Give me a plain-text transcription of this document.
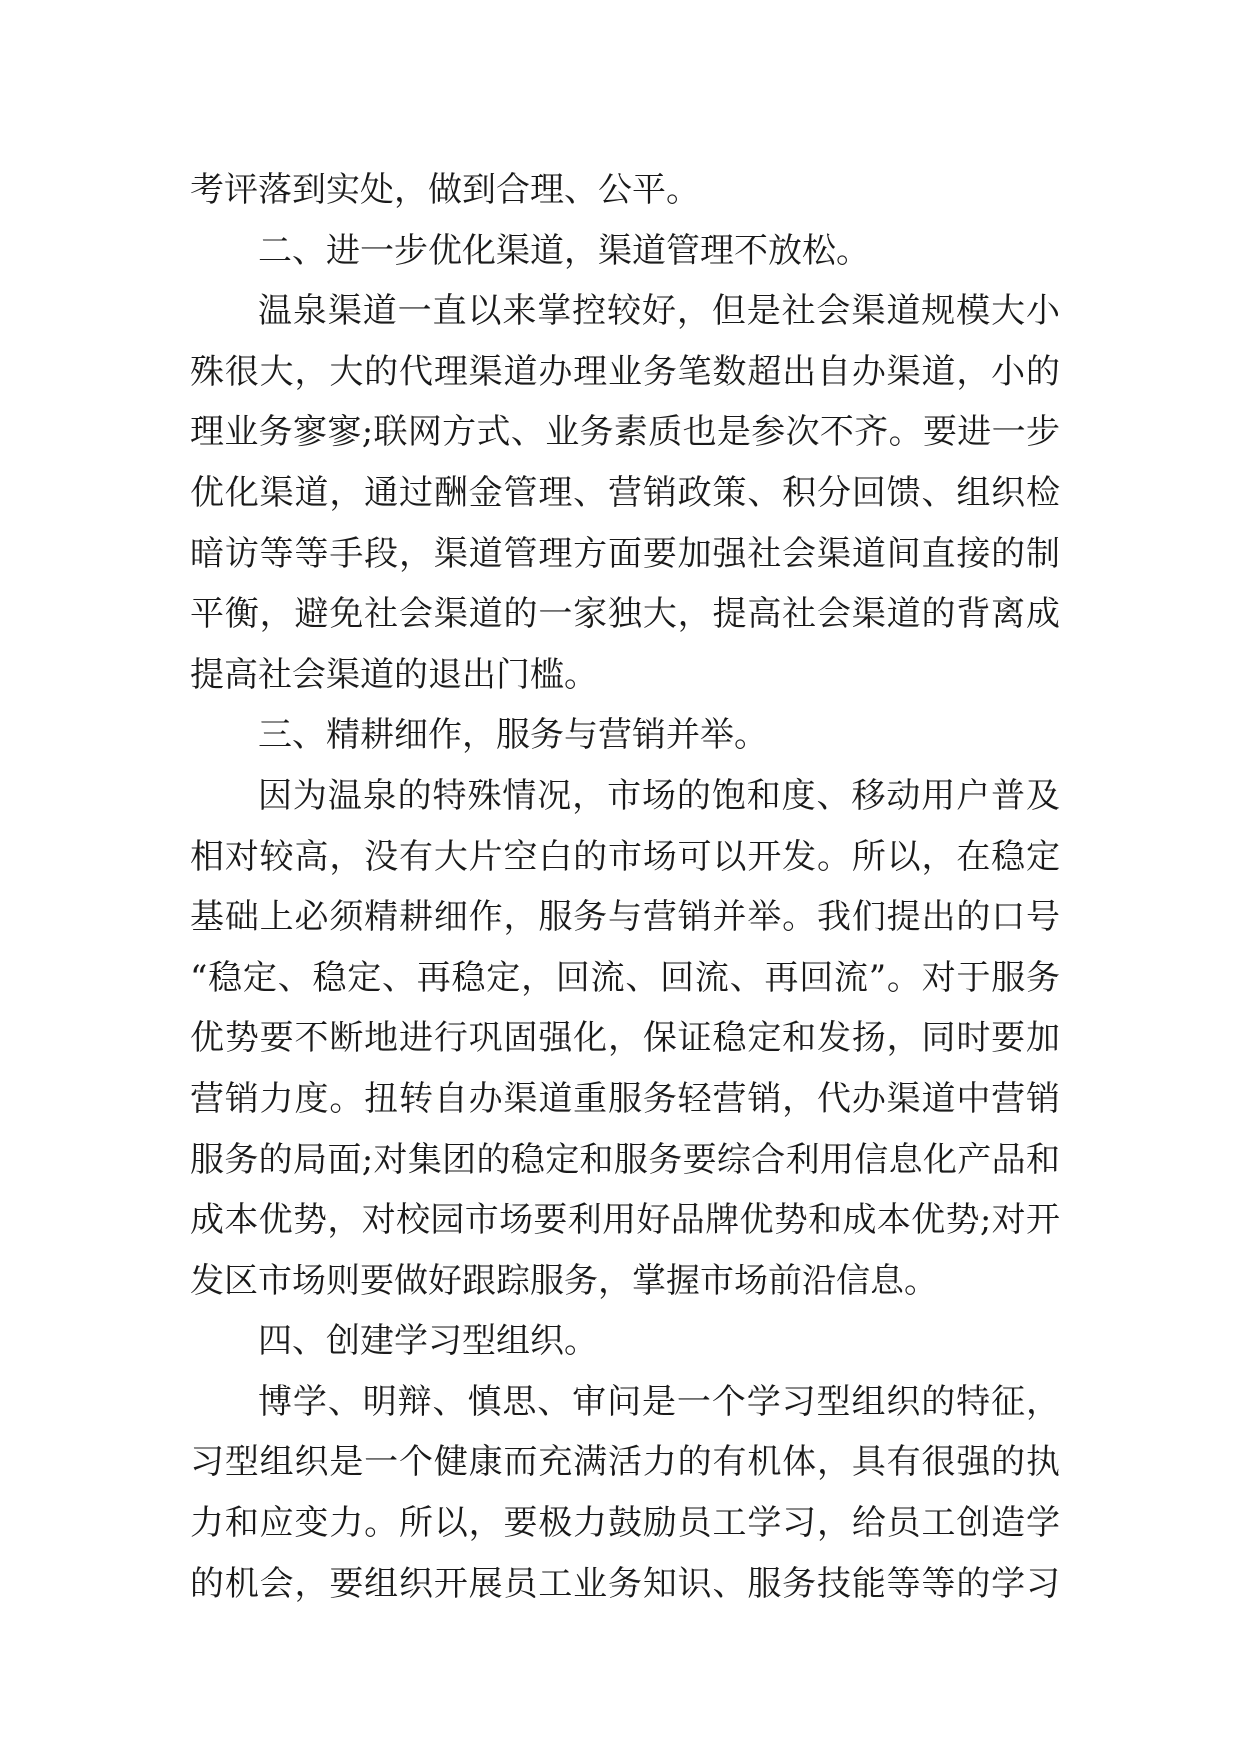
考评落到实处，做到合理、公平。
二、进一步优化渠道，渠道管理不放松。
温泉渠道一直以来掌控较好，但是社会渠道规模大小
殊很大，大的代理渠道办理业务笔数超出自办渠道，小的
理业务寥寥;联网方式、业务素质也是参次不齐。要进一步
优化渠道，通过酬金管理、营销政策、积分回馈、组织检
暗访等等手段，渠道管理方面要加强社会渠道间直接的制
平衡，避免社会渠道的一家独大，提高社会渠道的背离成
提高社会渠道的退出门槛。
三、精耕细作，服务与营销并举。
因为温泉的特殊情况，市场的饱和度、移动用户普及
相对较高，没有大片空白的市场可以开发。所以，在稳定
基础上必须精耕细作，服务与营销并举。我们提出的口号
“稳定、稳定、再稳定，回流、回流、再回流”。对于服务
优势要不断地进行巩固强化，保证稳定和发扬，同时要加
营销力度。扭转自办渠道重服务轻营销，代办渠道中营销
服务的局面;对集团的稳定和服务要综合利用信息化产品和
成本优势，对校园市场要利用好品牌优势和成本优势;对开
发区市场则要做好跟踪服务，掌握市场前沿信息。
四、创建学习型组织。
博学、明辩、慎思、审问是一个学习型组织的特征，
习型组织是一个健康而充满活力的有机体，具有很强的执
力和应变力。所以，要极力鼓励员工学习，给员工创造学
的机会，要组织开展员工业务知识、服务技能等等的学习
